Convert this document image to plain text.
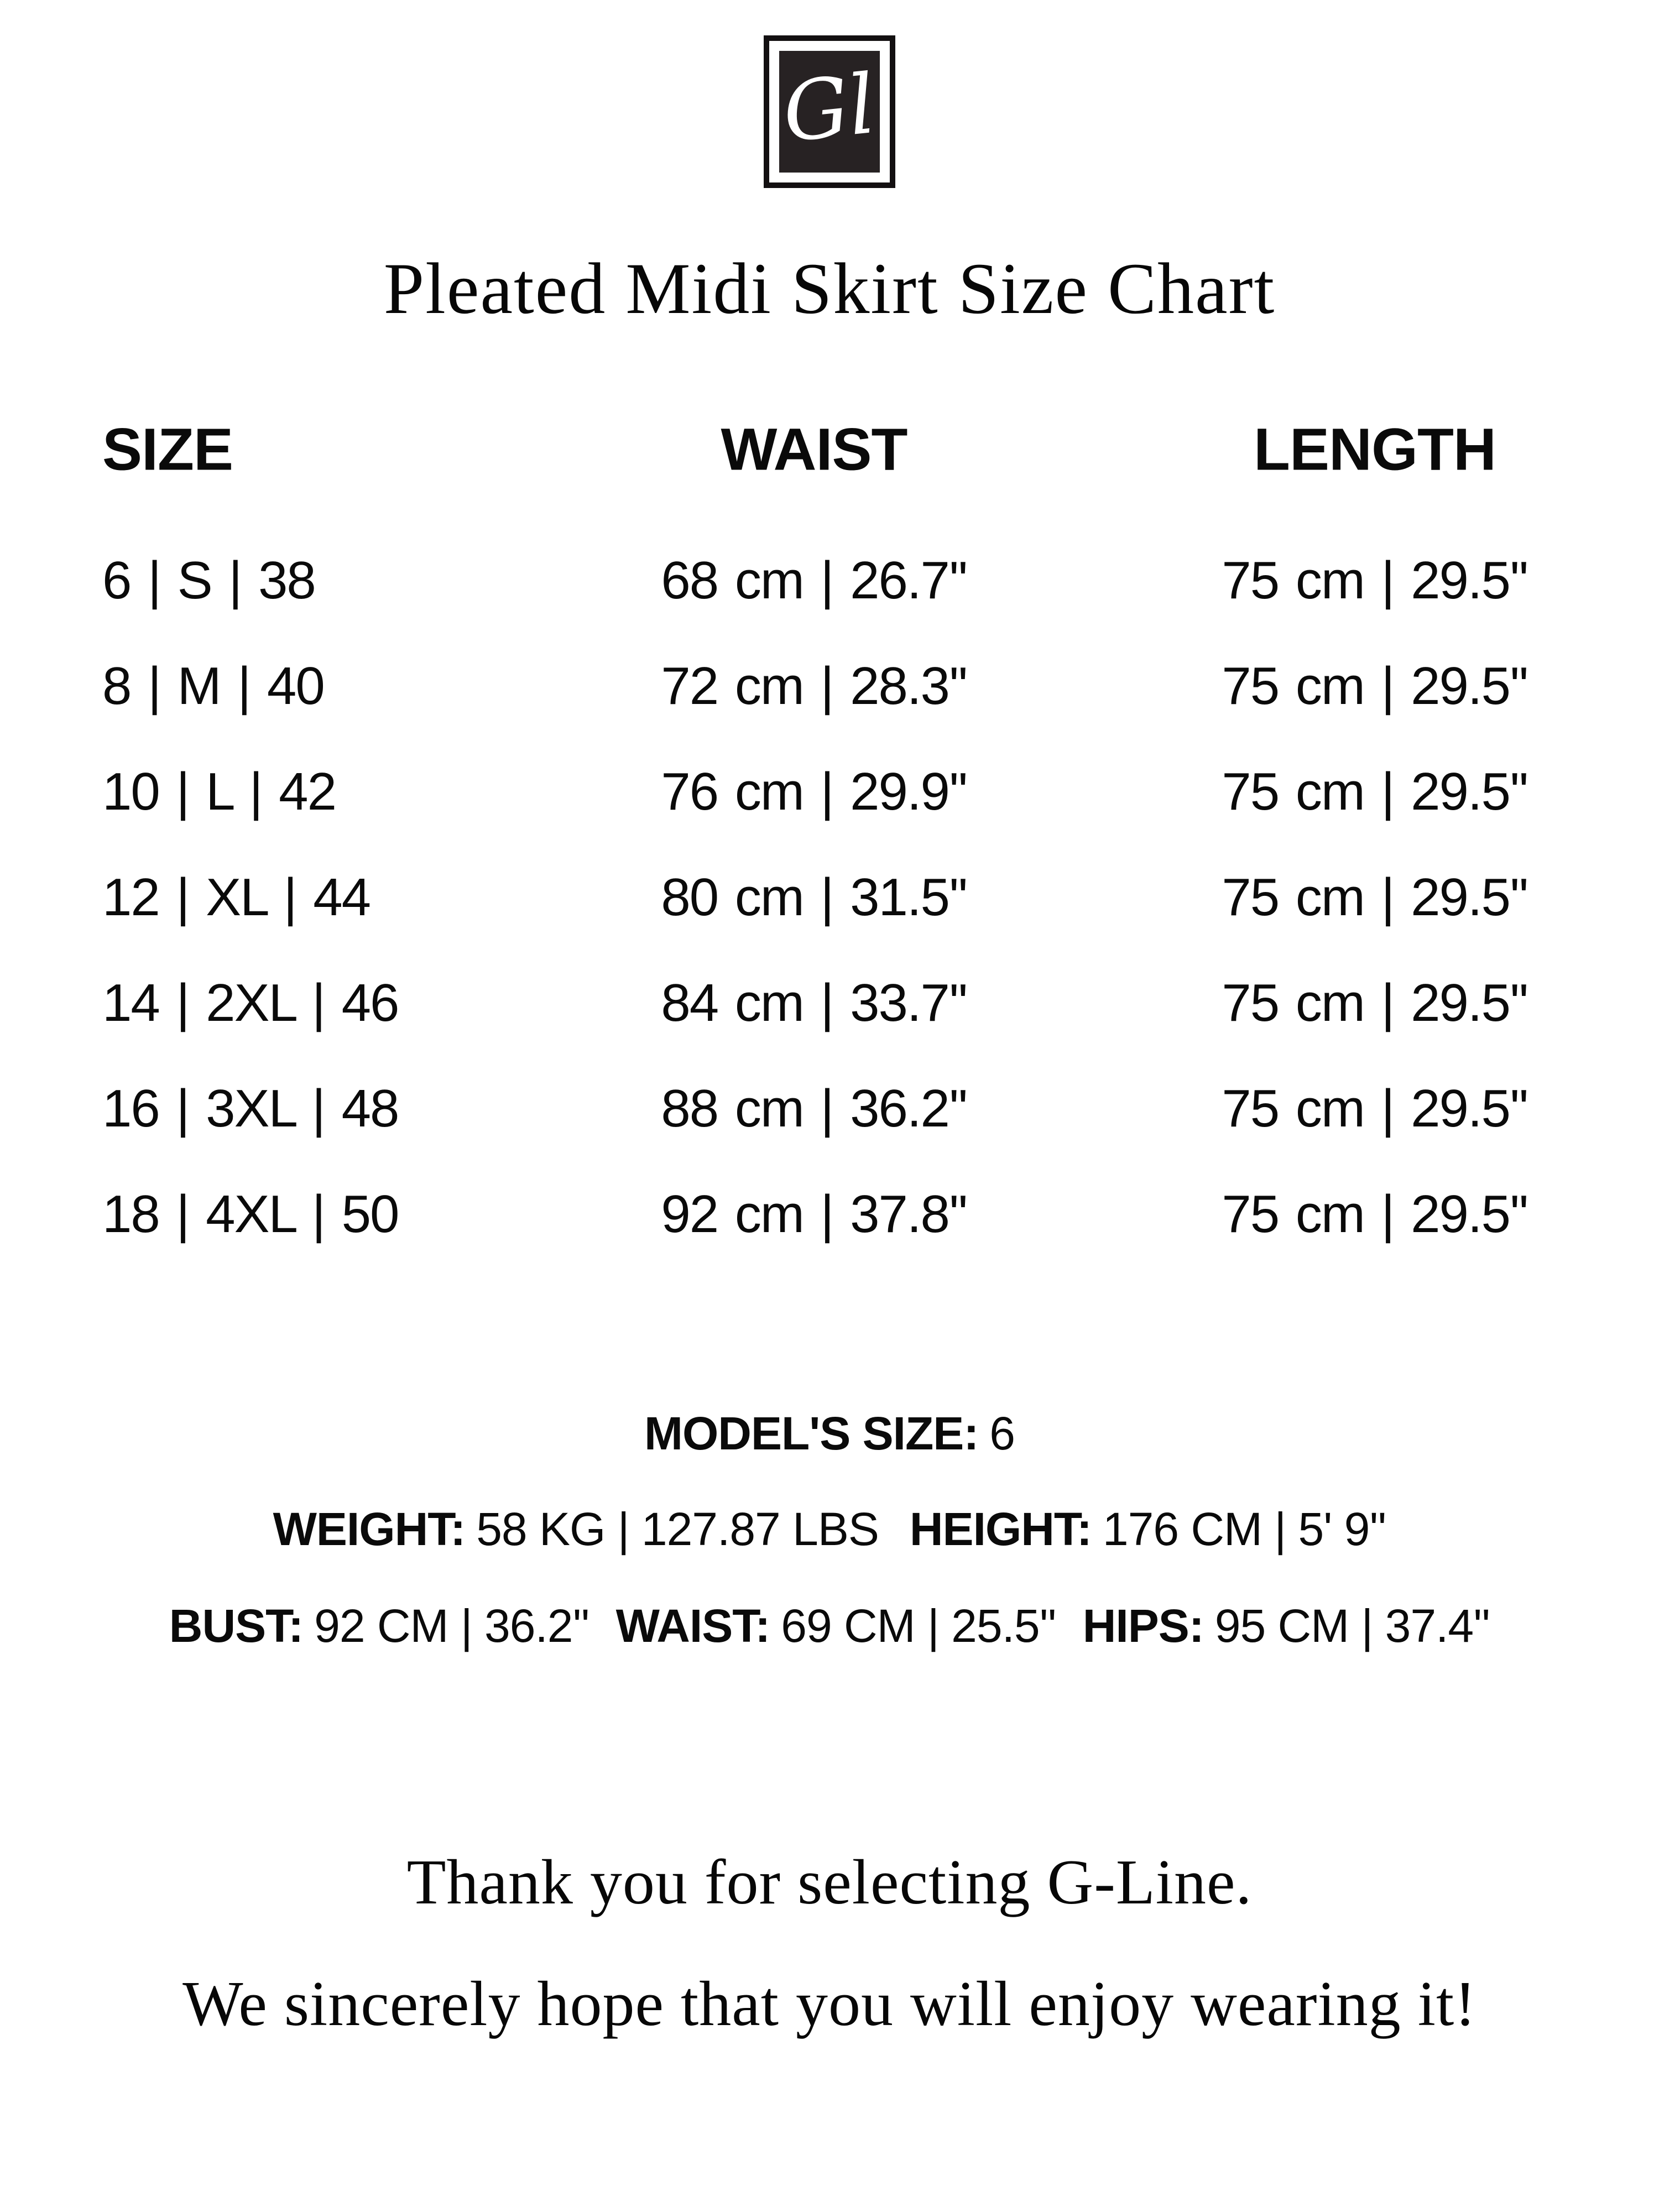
Gl
Pleated Midi Skirt Size Chart
SIZE	WAIST	LENGTH
6 | S | 38	68 cm | 26.7''	75 cm | 29.5''
8 | M | 40	72 cm | 28.3''	75 cm | 29.5''
10 | L | 42	76 cm | 29.9''	75 cm | 29.5''
12 | XL | 44	80 cm | 31.5''	75 cm | 29.5''
14 | 2XL | 46	84 cm | 33.7''	75 cm | 29.5''
16 | 3XL | 48	88 cm | 36.2''	75 cm | 29.5''
18 | 4XL | 50	92 cm | 37.8''	75 cm | 29.5''
MODEL'S SIZE: 6
WEIGHT: 58 KG | 127.87 LBS HEIGHT: 176 CM | 5' 9''
BUST: 92 CM | 36.2'' WAIST: 69 CM | 25.5'' HIPS: 95 CM | 37.4''
Thank you for selecting G-Line.
We sincerely hope that you will enjoy wearing it!
